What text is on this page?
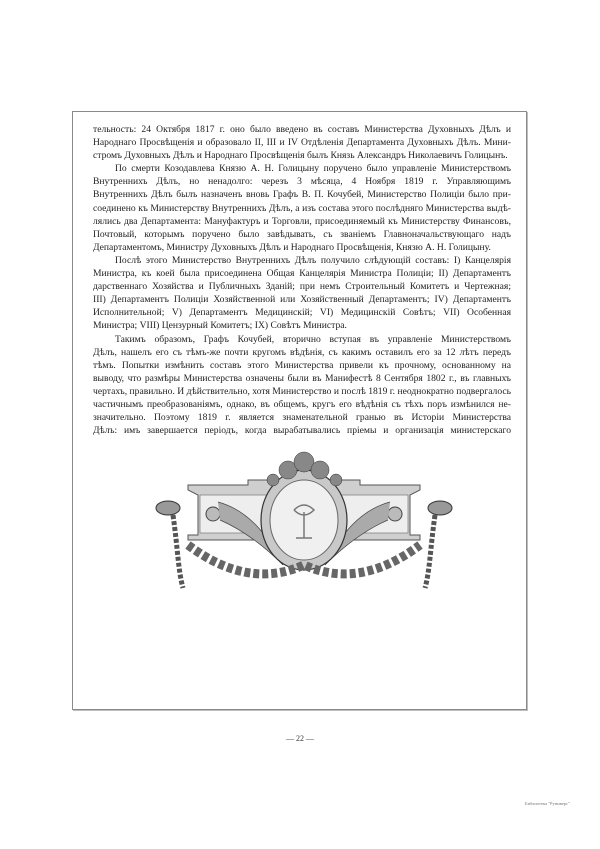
тельность: 24 Октября 1817 г. оно было введено въ составъ Министерства Духовныхъ Дѣлъ и
Народнаго Просвѣщенія и образовало II, III и IV Отдѣленія Департамента Духовныхъ Дѣлъ. Мини-
стромъ Духовныхъ Дѣлъ и Народнаго Просвѣщенія былъ Князь Александръ Николаевичъ Голицынъ.
По смерти Козодавлева Князю А. Н. Голицыну поручено было управленіе Министерствомъ
Внутреннихъ Дѣлъ, но ненадолго: черезъ 3 мѣсяца, 4 Ноября 1819 г. Управляющимъ
Внутреннихъ Дѣлъ былъ назначенъ вновь Графъ В. П. Кочубей, Министерство Полиціи было при-
соединено къ Министерству Внутреннихъ Дѣлъ, а изъ состава этого послѣдняго Министерства выдѣ-
лялись два Департамента: Мануфактуръ и Торговли, присоединяемый къ Министерству Финансовъ,
Почтовый, которымъ поручено было завѣдывать, съ званіемъ Главноначальствующаго надъ
Департаментомъ, Министру Духовныхъ Дѣлъ и Народнаго Просвѣщенія, Князю А. Н. Голицыну.
Послѣ этого Министерство Внутреннихъ Дѣлъ получило слѣдующій составъ: I) Канцелярія
Министра, къ коей была присоединена Общая Канцелярія Министра Полиціи; II) Департаментъ
дарственнаго Хозяйства и Публичныхъ Зданій; при немъ Строительный Комитетъ и Чертежная;
III) Департаментъ Полиціи Хозяйственной или Хозяйственный Департаментъ; IV) Департаментъ
Исполнительной; V) Департаментъ Медицинскій; VI) Медицинскій Совѣтъ; VII) Особенная
Министра; VIII) Цензурный Комитетъ; IX) Совѣтъ Министра.
Такимъ образомъ, Графъ Кочубей, вторично вступая въ управленіе Министерствомъ
Дѣлъ, нашелъ его съ тѣмъ-же почти кругомъ вѣдѣнія, съ какимъ оставилъ его за 12 лѣтъ передъ
тѣмъ. Попытки измѣнить составъ этого Министерства привели къ прочному, основанному на
выводу, что размѣры Министерства означены были въ Манифестѣ 8 Сентября 1802 г., въ главныхъ
чертахъ, правильно. И дѣйствительно, хотя Министерство и послѣ 1819 г. неоднократно подвергалось
частичнымъ преобразованіямъ, однако, въ общемъ, кругъ его вѣдѣнія съ тѣхъ поръ измѣнился не-
значительно. Поэтому 1819 г. является знаменательной гранью въ Исторіи Министерства
Дѣлъ: имъ завершается періодъ, когда вырабатывались пріемы и организація министерскаго
— 22 —
Библиотека "Руниверс"
